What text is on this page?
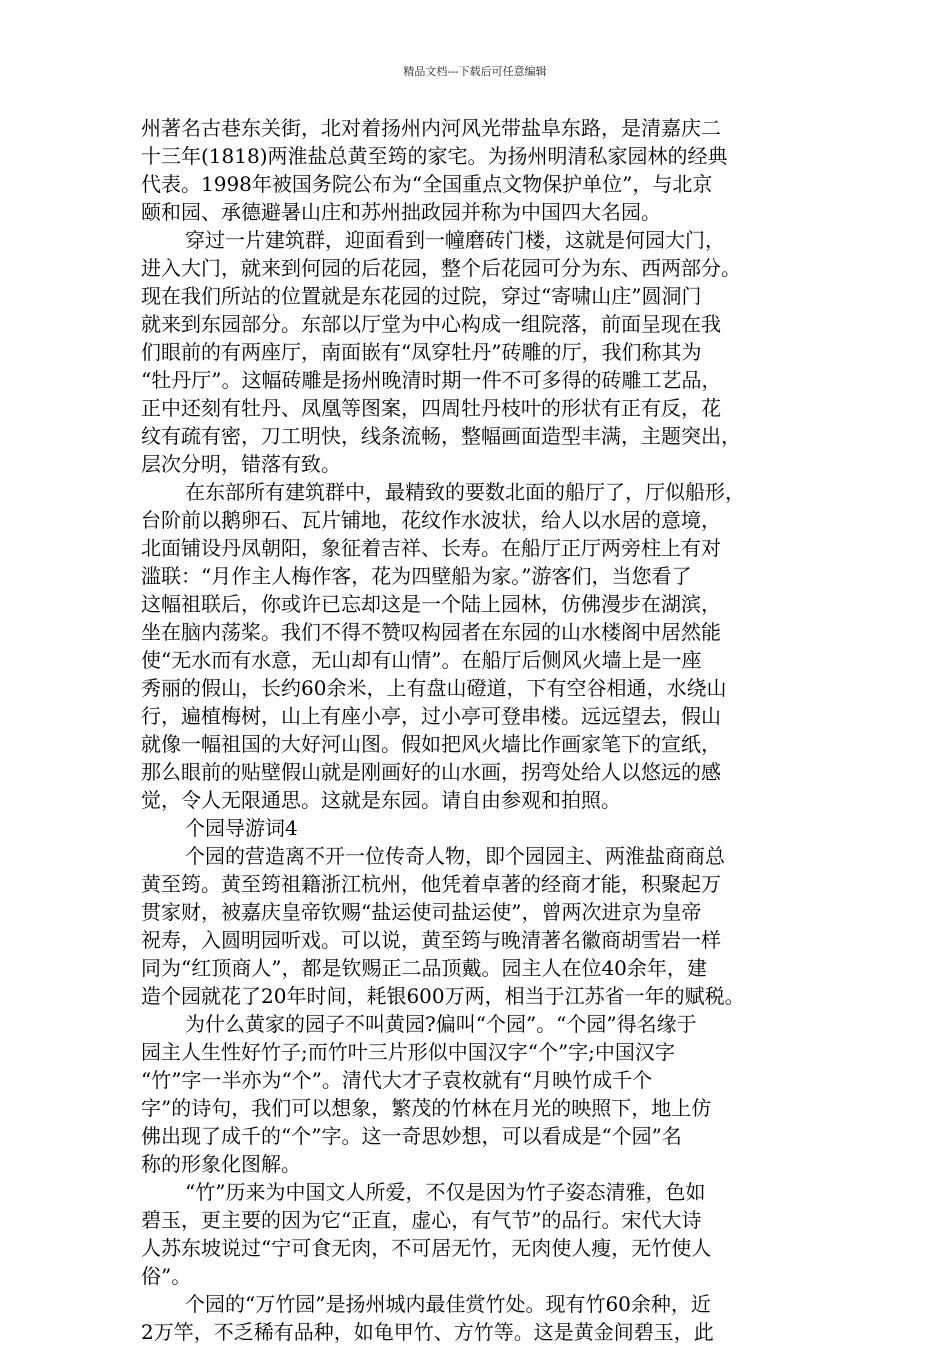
精品文档---下载后可任意编辑
州著名古巷东关街，北对着扬州内河风光带盐阜东路，是清嘉庆二
十三年(1818)两淮盐总黄至筠的家宅。为扬州明清私家园林的经典
代表。1998年被国务院公布为“全国重点文物保护单位”，与北京
颐和园、承德避暑山庄和苏州拙政园并称为中国四大名园。
穿过一片建筑群，迎面看到一幢磨砖门楼，这就是何园大门，
进入大门，就来到何园的后花园，整个后花园可分为东、西两部分。
现在我们所站的位置就是东花园的过院，穿过“寄啸山庄”圆洞门
就来到东园部分。东部以厅堂为中心构成一组院落，前面呈现在我
们眼前的有两座厅，南面嵌有“凤穿牡丹”砖雕的厅，我们称其为
“牡丹厅”。这幅砖雕是扬州晚清时期一件不可多得的砖雕工艺品，
正中还刻有牡丹、凤凰等图案，四周牡丹枝叶的形状有正有反，花
纹有疏有密，刀工明快，线条流畅，整幅画面造型丰满，主题突出，
层次分明，错落有致。
在东部所有建筑群中，最精致的要数北面的船厅了，厅似船形，
台阶前以鹅卵石、瓦片铺地，花纹作水波状，给人以水居的意境，
北面铺设丹凤朝阳，象征着吉祥、长寿。在船厅正厅两旁柱上有对
滥联：“月作主人梅作客，花为四壁船为家。”游客们，当您看了
这幅祖联后，你或许已忘却这是一个陆上园林，仿佛漫步在湖滨，
坐在脑内荡桨。我们不得不赞叹构园者在东园的山水楼阁中居然能
使“无水而有水意，无山却有山情”。在船厅后侧风火墙上是一座
秀丽的假山，长约60余米，上有盘山磴道，下有空谷相通，水绕山
行，遍植梅树，山上有座小亭，过小亭可登串楼。远远望去，假山
就像一幅祖国的大好河山图。假如把风火墙比作画家笔下的宣纸，
那么眼前的贴壁假山就是刚画好的山水画，拐弯处给人以悠远的感
觉，令人无限通思。这就是东园。请自由参观和拍照。
个园导游词4
个园的营造离不开一位传奇人物，即个园园主、两淮盐商商总
黄至筠。黄至筠祖籍浙江杭州，他凭着卓著的经商才能，积聚起万
贯家财，被嘉庆皇帝钦赐“盐运使司盐运使”，曾两次进京为皇帝
祝寿，入圆明园听戏。可以说，黄至筠与晚清著名徽商胡雪岩一样
同为“红顶商人”，都是钦赐正二品顶戴。园主人在位40余年，建
造个园就花了20年时间，耗银600万两，相当于江苏省一年的赋税。
为什么黄家的园子不叫黄园?偏叫“个园”。“个园”得名缘于
园主人生性好竹子;而竹叶三片形似中国汉字“个”字;中国汉字
“竹”字一半亦为“个”。清代大才子袁枚就有“月映竹成千个
字”的诗句，我们可以想象，繁茂的竹林在月光的映照下，地上仿
佛出现了成千的“个”字。这一奇思妙想，可以看成是“个园”名
称的形象化图解。
“竹”历来为中国文人所爱，不仅是因为竹子姿态清雅，色如
碧玉，更主要的因为它“正直，虚心，有气节”的品行。宋代大诗
人苏东坡说过“宁可食无肉，不可居无竹，无肉使人瘦，无竹使人
俗”。
个园的“万竹园”是扬州城内最佳赏竹处。现有竹60余种，近
2万竿，不乏稀有品种，如龟甲竹、方竹等。这是黄金间碧玉，此
